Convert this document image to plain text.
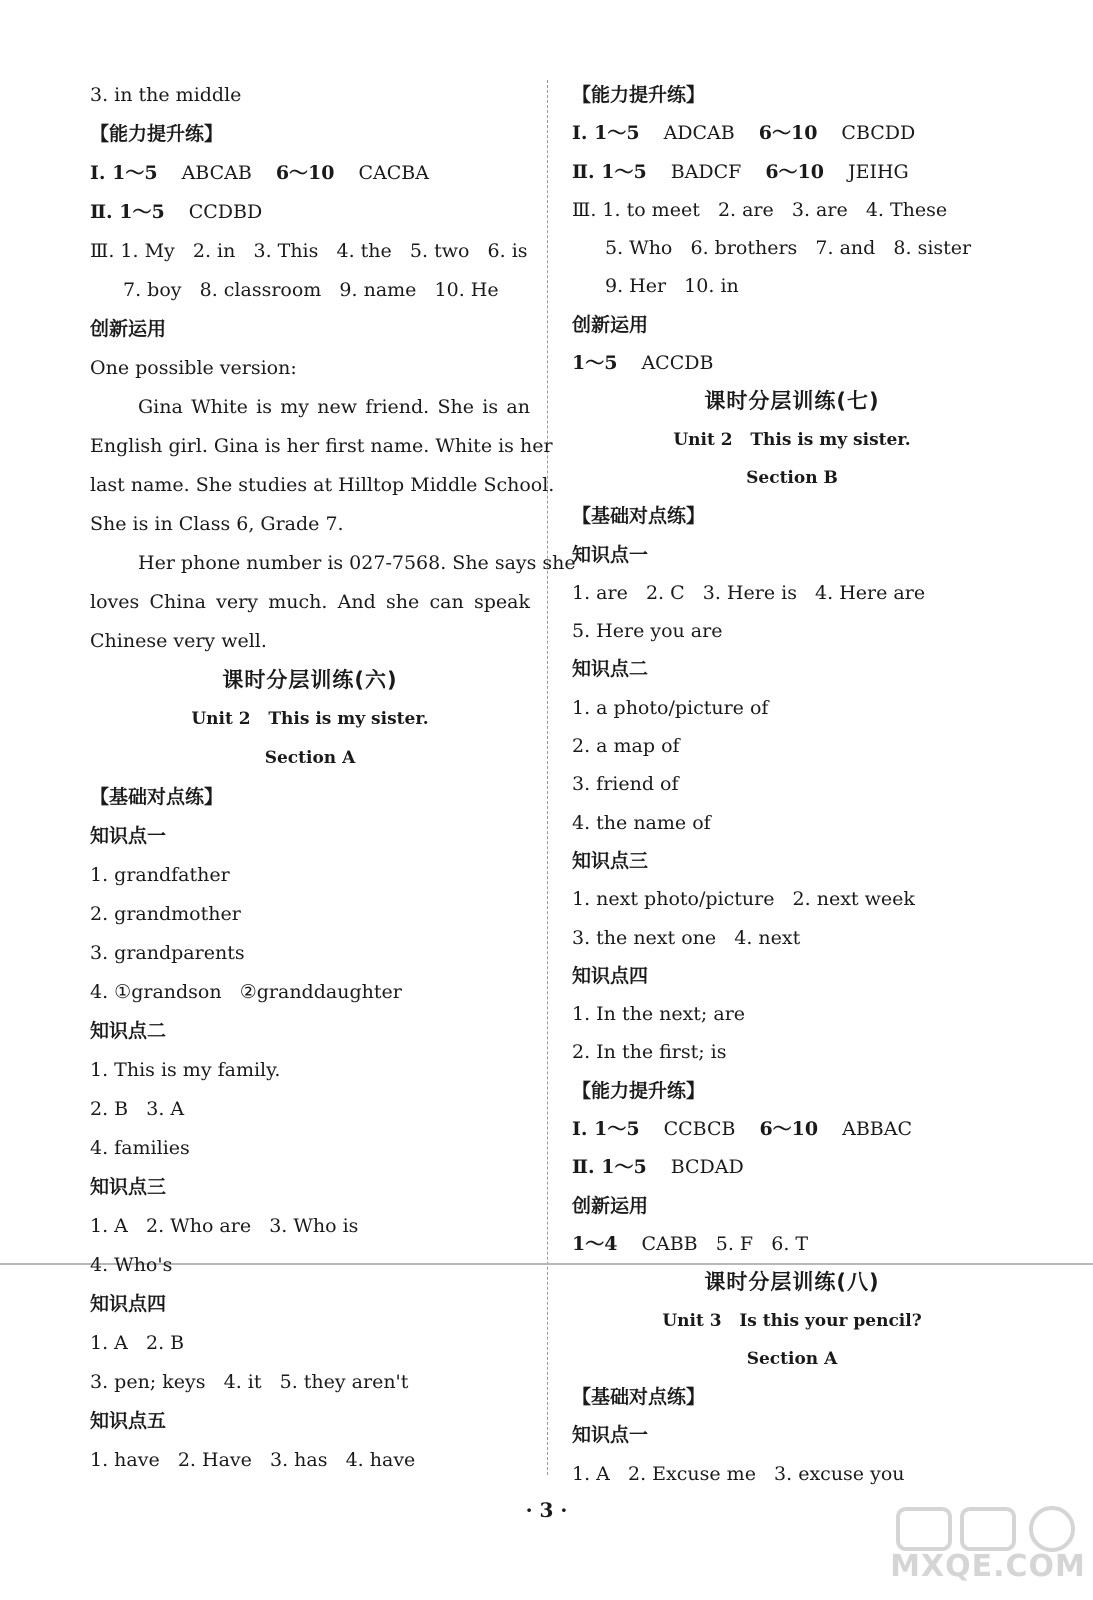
3. in the middle
【能力提升练】
Ⅰ. 1～5 ABCAB 6～10 CACBA
Ⅱ. 1～5 CCDBD
Ⅲ. 1. My   2. in   3. This   4. the   5. two   6. is
7. boy   8. classroom   9. name   10. He
创新运用
One possible version:
Gina White is my new friend. She is an
English girl. Gina is her first name. White is her
last name. She studies at Hilltop Middle School.
She is in Class 6, Grade 7.
Her phone number is 027-7568. She says she
loves China very much. And she can speak
Chinese very well.
课时分层训练(六)
Unit 2   This is my sister.
Section A
【基础对点练】
知识点一
1. grandfather
2. grandmother
3. grandparents
4. ①grandson   ②granddaughter
知识点二
1. This is my family.
2. B   3. A
4. families
知识点三
1. A   2. Who are   3. Who is
4. Who's
知识点四
1. A   2. B
3. pen; keys   4. it   5. they aren't
知识点五
1. have   2. Have   3. has   4. have
【能力提升练】
Ⅰ. 1～5 ADCAB 6～10 CBCDD
Ⅱ. 1～5 BADCF 6～10 JEIHG
Ⅲ. 1. to meet   2. are   3. are   4. These
5. Who   6. brothers   7. and   8. sister
9. Her   10. in
创新运用
1～5 ACCDB
课时分层训练(七)
Unit 2   This is my sister.
Section B
【基础对点练】
知识点一
1. are   2. C   3. Here is   4. Here are
5. Here you are
知识点二
1. a photo/picture of
2. a map of
3. friend of
4. the name of
知识点三
1. next photo/picture   2. next week
3. the next one   4. next
知识点四
1. In the next; are
2. In the first; is
【能力提升练】
Ⅰ. 1～5 CCBCB 6～10 ABBAC
Ⅱ. 1～5 BCDAD
创新运用
1～4 CABB   5. F   6. T
课时分层训练(八)
Unit 3   Is this your pencil?
Section A
【基础对点练】
知识点一
1. A   2. Excuse me   3. excuse you
· 3 ·
MXQE.COM
